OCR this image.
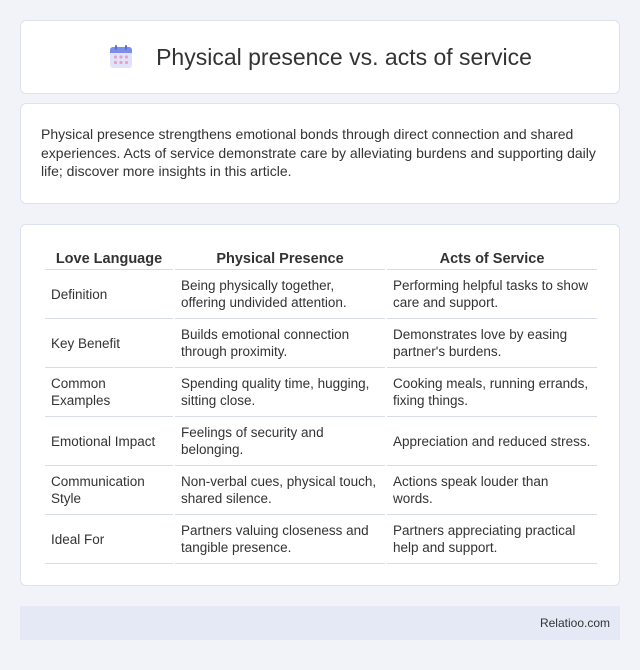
Physical presence vs. acts of service

Physical presence strengthens emotional bonds through direct connection and shared experiences. Acts of service demonstrate care by alleviating burdens and supporting daily life; discover more insights in this article.

Love Language	Physical Presence	Acts of Service
Definition	Being physically together, offering undivided attention.	Performing helpful tasks to show care and support.
Key Benefit	Builds emotional connection through proximity.	Demonstrates love by easing partner's burdens.
Common Examples	Spending quality time, hugging, sitting close.	Cooking meals, running errands, fixing things.
Emotional Impact	Feelings of security and belonging.	Appreciation and reduced stress.
Communication Style	Non-verbal cues, physical touch, shared silence.	Actions speak louder than words.
Ideal For	Partners valuing closeness and tangible presence.	Partners appreciating practical help and support.
Relatioo.com
